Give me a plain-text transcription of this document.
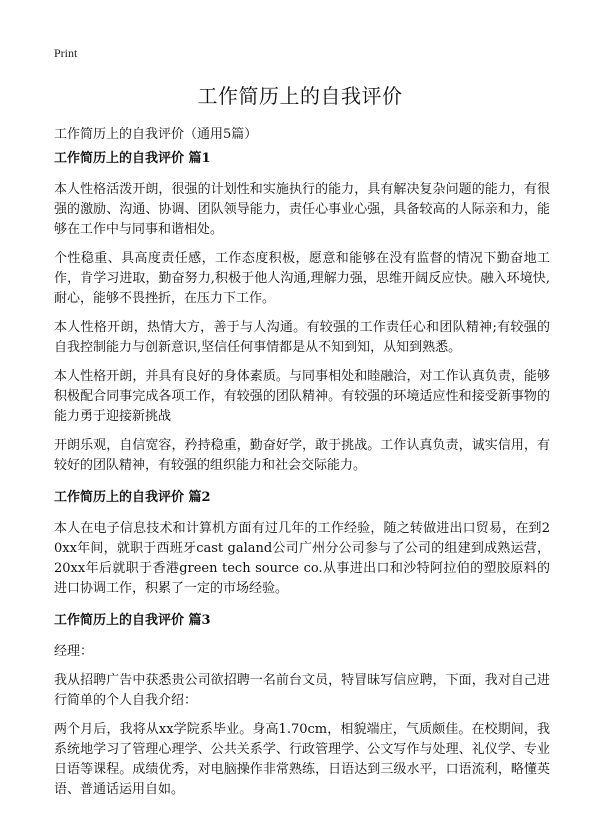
Print
工作简历上的自我评价
工作简历上的自我评价（通用5篇）
工作简历上的自我评价 篇1

本人性格活泼开朗，很强的计划性和实施执行的能力，具有解决复杂问题的能力，有很强的激励、沟通、协调、团队领导能力，责任心事业心强，具备较高的人际亲和力，能够在工作中与同事和谐相处。

个性稳重、具高度责任感，工作态度积极，愿意和能够在没有监督的情况下勤奋地工作，肯学习进取，勤奋努力,积极于他人沟通,理解力强，思维开阔反应快。融入环境快,耐心，能够不畏挫折，在压力下工作。

本人性格开朗，热情大方，善于与人沟通。有较强的工作责任心和团队精神;有较强的自我控制能力与创新意识,坚信任何事情都是从不知到知，从知到熟悉。

本人性格开朗，并具有良好的身体素质。与同事相处和睦融洽，对工作认真负责，能够积极配合同事完成各项工作，有较强的团队精神。有较强的环境适应性和接受新事物的能力勇于迎接新挑战

开朗乐观，自信宽容，矜持稳重，勤奋好学，敢于挑战。工作认真负责，诚实信用，有较好的团队精神，有较强的组织能力和社会交际能力。

工作简历上的自我评价 篇2

本人在电子信息技术和计算机方面有过几年的工作经验，随之转做进出口贸易，在到20xx年间，就职于西班牙cast galand公司广州分公司参与了公司的组建到成熟运营，20xx年后就职于香港green tech source co.从事进出口和沙特阿拉伯的塑胶原料的进口协调工作，积累了一定的市场经验。

工作简历上的自我评价 篇3

经理：

我从招聘广告中获悉贵公司欲招聘一名前台文员，特冒昧写信应聘，下面，我对自己进行简单的个人自我介绍：

两个月后，我将从xx学院系毕业。身高1.70cm，相貌端庄，气质颇佳。在校期间，我系统地学习了管理心理学、公共关系学、行政管理学、公文写作与处理、礼仪学、专业日语等课程。成绩优秀，对电脑操作非常熟练，日语达到三级水平，口语流利，略懂英语、普通话运用自如。
